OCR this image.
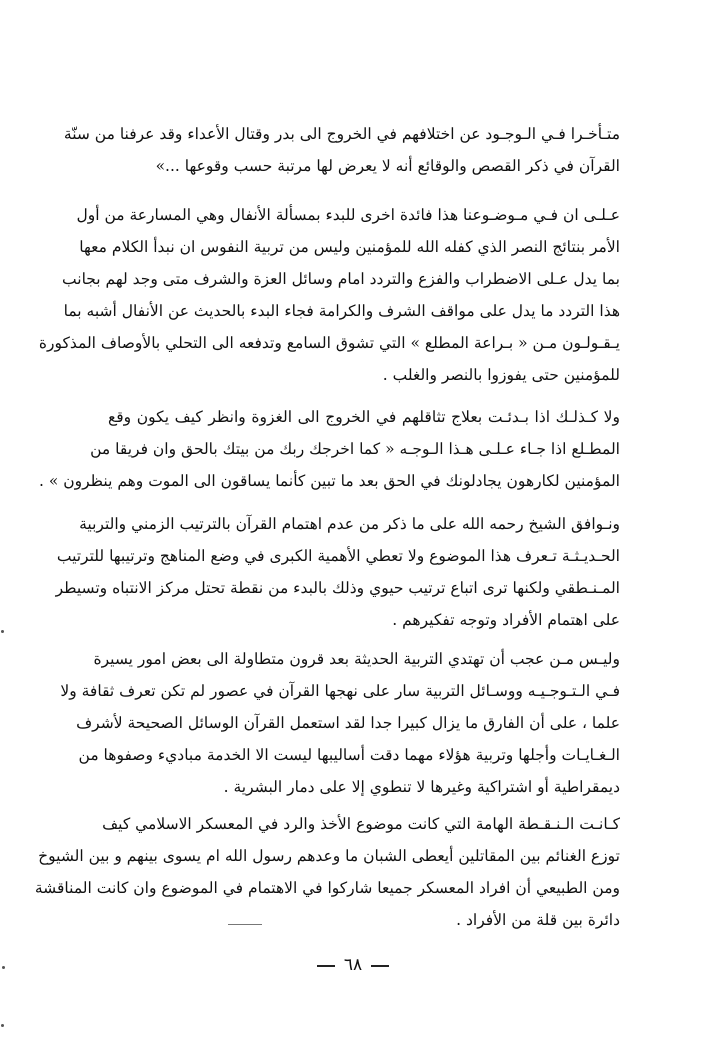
متـأخـرا فـي الـوجـود عن اختلافهم في الخروج الى بدر وقتال الأعداء وقد عرفنا من سنّة
القرآن في ذكر القصص والوقائع أنه لا يعرض لها مرتبة حسب وقوعها ...»
عـلـى ان فـي مـوضـوعنا هذا فائدة اخرى للبدء بمسألة الأنفال وهي المسارعة من أول
الأمر بنتائج النصر الذي كفله الله للمؤمنين وليس من تربية النفوس ان نبدأ الكلام معها
بما يدل عـلى الاضطراب والفزع والتردد امام وسائل العزة والشرف متى وجد لهم بجانب
هذا التردد ما يدل على مواقف الشرف والكرامة فجاء البدء بالحديث عن الأنفال أشبه بما
يـقـولـون مـن « بـراعة المطلع » التي تشوق السامع وتدفعه الى التحلي بالأوصاف المذكورة
للمؤمنين حتى يفوزوا بالنصر والغلب .
ولا كـذلـك اذا بـدئـت بعلاج تثاقلهم في الخروج الى الغزوة وانظر كيف يكون وقع
المطـلع اذا جـاء عـلـى هـذا الـوجـه « كما اخرجك ربك من بيتك بالحق وان فريقا من
المؤمنين لكارهون يجادلونك في الحق بعد ما تبين كأنما يساقون الى الموت وهم ينظرون » .
ونـوافق الشيخ رحمه الله على ما ذكر من عدم اهتمام القرآن بالترتيب الزمني والتربية
الحـديـثـة تـعرف هذا الموضوع ولا تعطي الأهمية الكبرى في وضع المناهج وترتيبها للترتيب
المـنـطقي ولكنها ترى اتباع ترتيب حيوي وذلك بالبدء من نقطة تحتل مركز الانتباه وتسيطر
على اهتمام الأفراد وتوجه تفكيرهم .
وليـس مـن عجب أن تهتدي التربية الحديثة بعد قرون متطاولة الى بعض امور يسيرة
فـي الـتـوجـيـه ووسـائل التربية سار على نهجها القرآن في عصور لم تكن تعرف ثقافة ولا
علما ، على أن الفارق ما يزال كبيرا جدا لقد استعمل القرآن الوسائل الصحيحة لأشرف
الـغـايـات وأجلها وتربية هؤلاء مهما دقت أساليبها ليست الا الخدمة مباديء وصفوها من
ديمقراطية أو اشتراكية وغيرها لا تنطوي إلا على دمار البشرية .
كـانـت الـنـقـطة الهامة التي كانت موضوع الأخذ والرد في المعسكر الاسلامي كيف
توزع الغنائم بين المقاتلين أيعطى الشبان ما وعدهم رسول الله ام يسوى بينهم و بين الشيوخ
ومن الطبيعي أن افراد المعسكر جميعا شاركوا في الاهتمام في الموضوع وان كانت المناقشة
دائرة بين قلة من الأفراد .
٦٨
